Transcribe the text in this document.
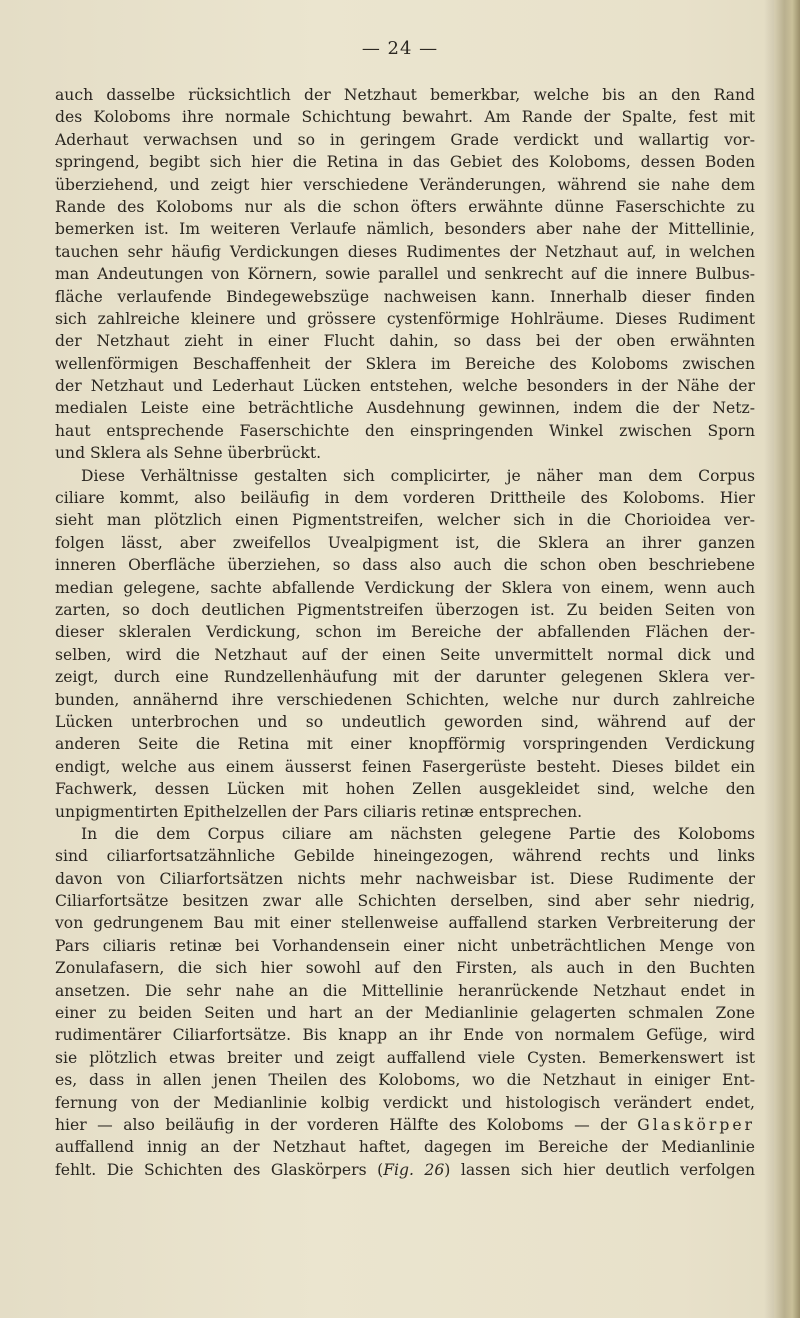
— 24 —
auch dasselbe rücksichtlich der Netzhaut bemerkbar, welche bis an den Rand
des Koloboms ihre normale Schichtung bewahrt. Am Rande der Spalte, fest mit
Aderhaut verwachsen und so in geringem Grade verdickt und wallartig vor-
springend, begibt sich hier die Retina in das Gebiet des Koloboms, dessen Boden
überziehend, und zeigt hier verschiedene Veränderungen, während sie nahe dem
Rande des Koloboms nur als die schon öfters erwähnte dünne Faserschichte zu
bemerken ist. Im weiteren Verlaufe nämlich, besonders aber nahe der Mittellinie,
tauchen sehr häufig Verdickungen dieses Rudimentes der Netzhaut auf, in welchen
man Andeutungen von Körnern, sowie parallel und senkrecht auf die innere Bulbus-
fläche verlaufende Bindegewebszüge nachweisen kann. Innerhalb dieser finden
sich zahlreiche kleinere und grössere cystenförmige Hohlräume. Dieses Rudiment
der Netzhaut zieht in einer Flucht dahin, so dass bei der oben erwähnten
wellenförmigen Beschaffenheit der Sklera im Bereiche des Koloboms zwischen
der Netzhaut und Lederhaut Lücken entstehen, welche besonders in der Nähe der
medialen Leiste eine beträchtliche Ausdehnung gewinnen, indem die der Netz-
haut entsprechende Faserschichte den einspringenden Winkel zwischen Sporn
und Sklera als Sehne überbrückt.
Diese Verhältnisse gestalten sich complicirter, je näher man dem Corpus
ciliare kommt, also beiläufig in dem vorderen Drittheile des Koloboms. Hier
sieht man plötzlich einen Pigmentstreifen, welcher sich in die Chorioidea ver-
folgen lässt, aber zweifellos Uvealpigment ist, die Sklera an ihrer ganzen
inneren Oberfläche überziehen, so dass also auch die schon oben beschriebene
median gelegene, sachte abfallende Verdickung der Sklera von einem, wenn auch
zarten, so doch deutlichen Pigmentstreifen überzogen ist. Zu beiden Seiten von
dieser skleralen Verdickung, schon im Bereiche der abfallenden Flächen der-
selben, wird die Netzhaut auf der einen Seite unvermittelt normal dick und
zeigt, durch eine Rundzellenhäufung mit der darunter gelegenen Sklera ver-
bunden, annähernd ihre verschiedenen Schichten, welche nur durch zahlreiche
Lücken unterbrochen und so undeutlich geworden sind, während auf der
anderen Seite die Retina mit einer knopfförmig vorspringenden Verdickung
endigt, welche aus einem äusserst feinen Fasergerüste besteht. Dieses bildet ein
Fachwerk, dessen Lücken mit hohen Zellen ausgekleidet sind, welche den
unpigmentirten Epithelzellen der Pars ciliaris retinæ entsprechen.
In die dem Corpus ciliare am nächsten gelegene Partie des Koloboms
sind ciliarfortsatzähnliche Gebilde hineingezogen, während rechts und links
davon von Ciliarfortsätzen nichts mehr nachweisbar ist. Diese Rudimente der
Ciliarfortsätze besitzen zwar alle Schichten derselben, sind aber sehr niedrig,
von gedrungenem Bau mit einer stellenweise auffallend starken Verbreiterung der
Pars ciliaris retinæ bei Vorhandensein einer nicht unbeträchtlichen Menge von
Zonulafasern, die sich hier sowohl auf den Firsten, als auch in den Buchten
ansetzen. Die sehr nahe an die Mittellinie heranrückende Netzhaut endet in
einer zu beiden Seiten und hart an der Medianlinie gelagerten schmalen Zone
rudimentärer Ciliarfortsätze. Bis knapp an ihr Ende von normalem Gefüge, wird
sie plötzlich etwas breiter und zeigt auffallend viele Cysten. Bemerkenswert ist
es, dass in allen jenen Theilen des Koloboms, wo die Netzhaut in einiger Ent-
fernung von der Medianlinie kolbig verdickt und histologisch verändert endet,
hier — also beiläufig in der vorderen Hälfte des Koloboms — der Glaskörper
auffallend innig an der Netzhaut haftet, dagegen im Bereiche der Medianlinie
fehlt. Die Schichten des Glaskörpers (Fig. 26) lassen sich hier deutlich verfolgen
